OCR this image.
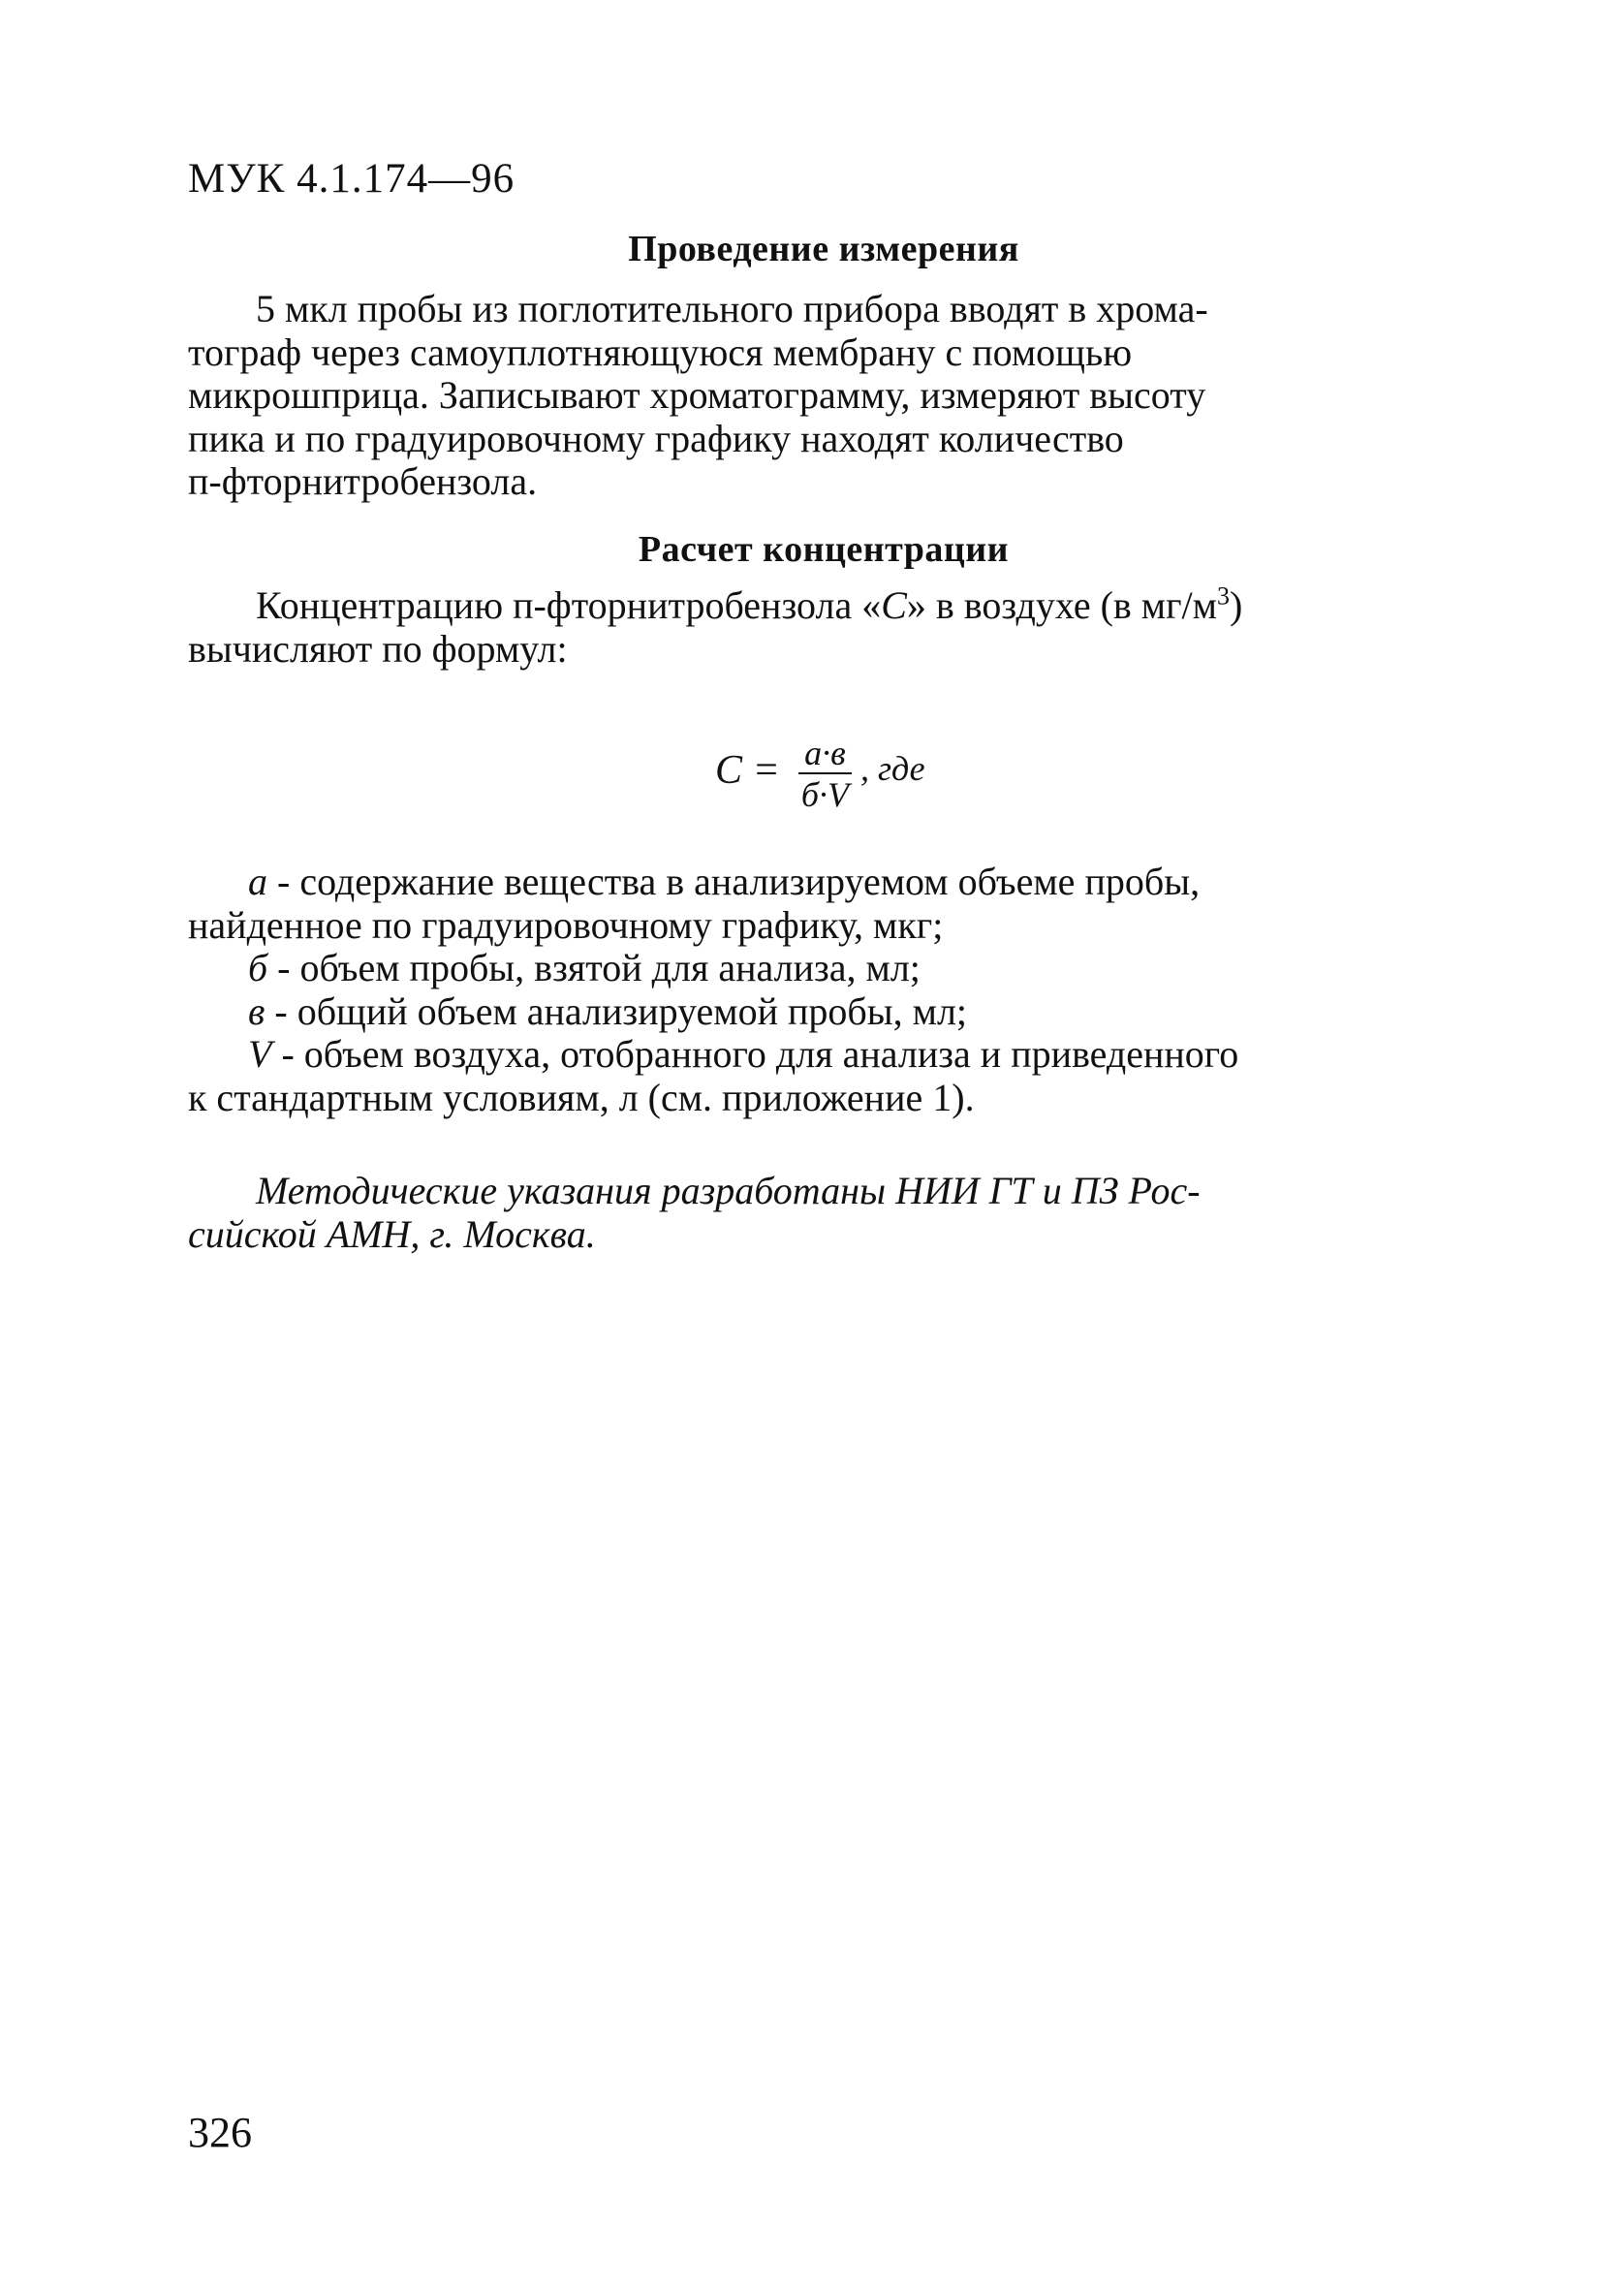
МУК 4.1.174—96
Проведение измерения
5 мкл пробы из поглотительного прибора вводят в хрома-
тограф через самоуплотняющуюся мембрану с помощью
микрошприца. Записывают хроматограмму, измеряют высоту
пика и по градуировочному графику находят количество
п-фторнитробензола.
Расчет концентрации
Концентрацию п-фторнитробензола «C» в воздухе (в $мг/м^3$)
вычисляют по формул:
$C = \frac{а\cdot в}{б\cdot V}$ , где
а - содержание вещества в анализируемом объеме пробы,
найденное по градуировочному графику, мкг;
б - объем пробы, взятой для анализа, мл;
в - общий объем анализируемой пробы, мл;
V - объем воздуха, отобранного для анализа и приведенного
к стандартным условиям, л (см. приложение 1).
Методические указания разработаны НИИ ГТ и ПЗ Рос-
сийской АМН, г. Москва.
326
